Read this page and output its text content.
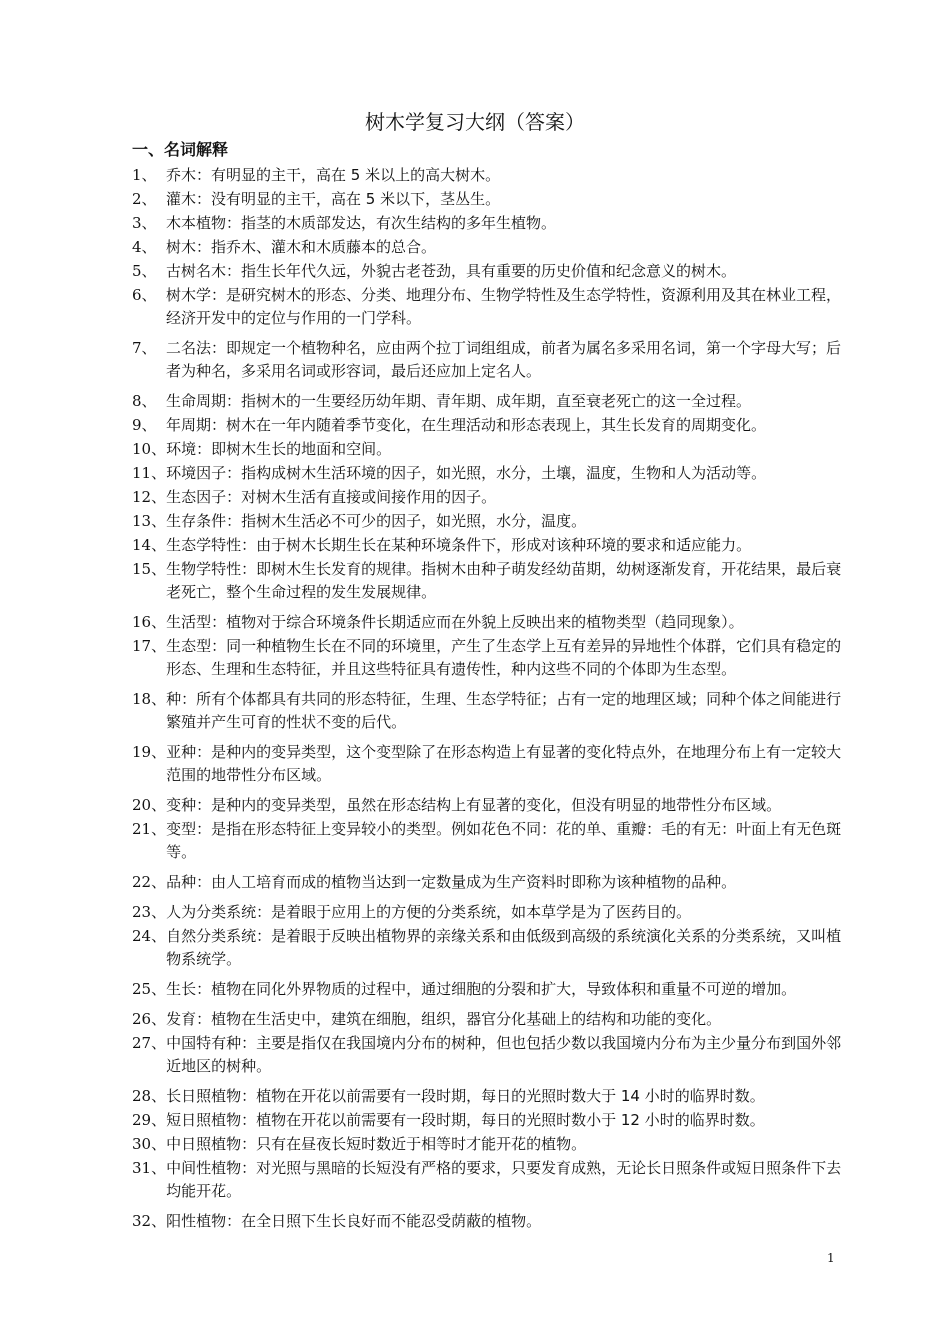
树木学复习大纲（答案）
一、名词解释
1、 乔木：有明显的主干，高在 5 米以上的高大树木。
2、 灌木：没有明显的主干，高在 5 米以下，茎丛生。
3、 木本植物：指茎的木质部发达，有次生结构的多年生植物。
4、 树木：指乔木、灌木和木质藤本的总合。
5、 古树名木：指生长年代久远，外貌古老苍劲，具有重要的历史价值和纪念意义的树木。
6、 树木学：是研究树木的形态、分类、地理分布、生物学特性及生态学特性，资源利用及其在林业工程，经济开发中的定位与作用的一门学科。
7、 二名法：即规定一个植物种名，应由两个拉丁词组组成，前者为属名多采用名词，第一个字母大写；后者为种名，多采用名词或形容词，最后还应加上定名人。
8、 生命周期：指树木的一生要经历幼年期、青年期、成年期，直至衰老死亡的这一全过程。
9、 年周期：树木在一年内随着季节变化，在生理活动和形态表现上，其生长发育的周期变化。
10、 环境：即树木生长的地面和空间。
11、 环境因子：指构成树木生活环境的因子，如光照，水分，土壤，温度，生物和人为活动等。
12、 生态因子：对树木生活有直接或间接作用的因子。
13、 生存条件：指树木生活必不可少的因子，如光照，水分，温度。
14、 生态学特性：由于树木长期生长在某种环境条件下，形成对该种环境的要求和适应能力。
15、 生物学特性：即树木生长发育的规律。指树木由种子萌发经幼苗期，幼树逐渐发育，开花结果，最后衰老死亡，整个生命过程的发生发展规律。
16、 生活型：植物对于综合环境条件长期适应而在外貌上反映出来的植物类型（趋同现象）。
17、 生态型：同一种植物生长在不同的环境里，产生了生态学上互有差异的异地性个体群，它们具有稳定的形态、生理和生态特征，并且这些特征具有遗传性，种内这些不同的个体即为生态型。
18、 种：所有个体都具有共同的形态特征，生理、生态学特征；占有一定的地理区域；同种个体之间能进行繁殖并产生可育的性状不变的后代。
19、 亚种：是种内的变异类型，这个变型除了在形态构造上有显著的变化特点外，在地理分布上有一定较大范围的地带性分布区域。
20、 变种：是种内的变异类型，虽然在形态结构上有显著的变化，但没有明显的地带性分布区域。
21、 变型：是指在形态特征上变异较小的类型。例如花色不同：花的单、重瓣：毛的有无：叶面上有无色斑等。
22、 品种：由人工培育而成的植物当达到一定数量成为生产资料时即称为该种植物的品种。
23、 人为分类系统：是着眼于应用上的方便的分类系统，如本草学是为了医药目的。
24、 自然分类系统：是着眼于反映出植物界的亲缘关系和由低级到高级的系统演化关系的分类系统，又叫植物系统学。
25、 生长：植物在同化外界物质的过程中，通过细胞的分裂和扩大，导致体积和重量不可逆的增加。
26、 发育：植物在生活史中，建筑在细胞，组织，器官分化基础上的结构和功能的变化。
27、 中国特有种：主要是指仅在我国境内分布的树种，但也包括少数以我国境内分布为主少量分布到国外邻近地区的树种。
28、 长日照植物：植物在开花以前需要有一段时期，每日的光照时数大于 14 小时的临界时数。
29、 短日照植物：植物在开花以前需要有一段时期，每日的光照时数小于 12 小时的临界时数。
30、 中日照植物：只有在昼夜长短时数近于相等时才能开花的植物。
31、 中间性植物：对光照与黑暗的长短没有严格的要求，只要发育成熟，无论长日照条件或短日照条件下去均能开花。
32、 阳性植物：在全日照下生长良好而不能忍受荫蔽的植物。
1
